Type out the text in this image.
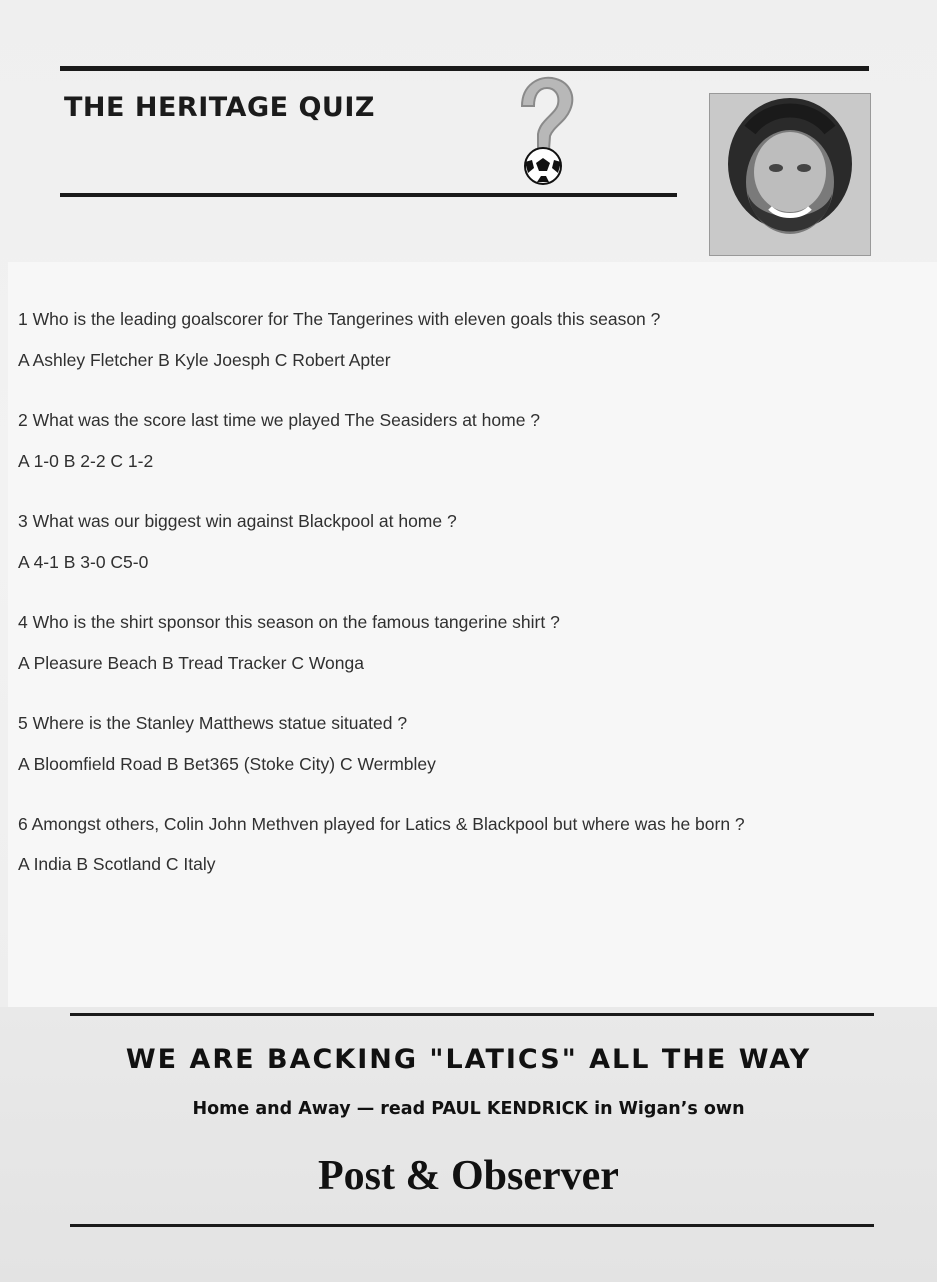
THE HERITAGE QUIZ
1 Who is the leading goalscorer for The Tangerines with eleven goals this season ?
A Ashley Fletcher B Kyle Joesph C Robert Apter
2 What was the score last time we played The Seasiders at home ?
A 1-0 B 2-2 C 1-2
3 What was our biggest win against Blackpool at home ?
A 4-1 B 3-0 C5-0
4 Who is the shirt sponsor this season on the famous tangerine shirt ?
A Pleasure Beach B Tread Tracker C Wonga
5 Where is the Stanley Matthews statue situated ?
A Bloomfield Road B Bet365 (Stoke City) C Wermbley
6 Amongst others, Colin John Methven played for Latics & Blackpool but where was he born ?
A India B Scotland C Italy
WE ARE BACKING "LATICS" ALL THE WAY
Home and Away — read PAUL KENDRICK in Wigan’s own
Post & Observer
